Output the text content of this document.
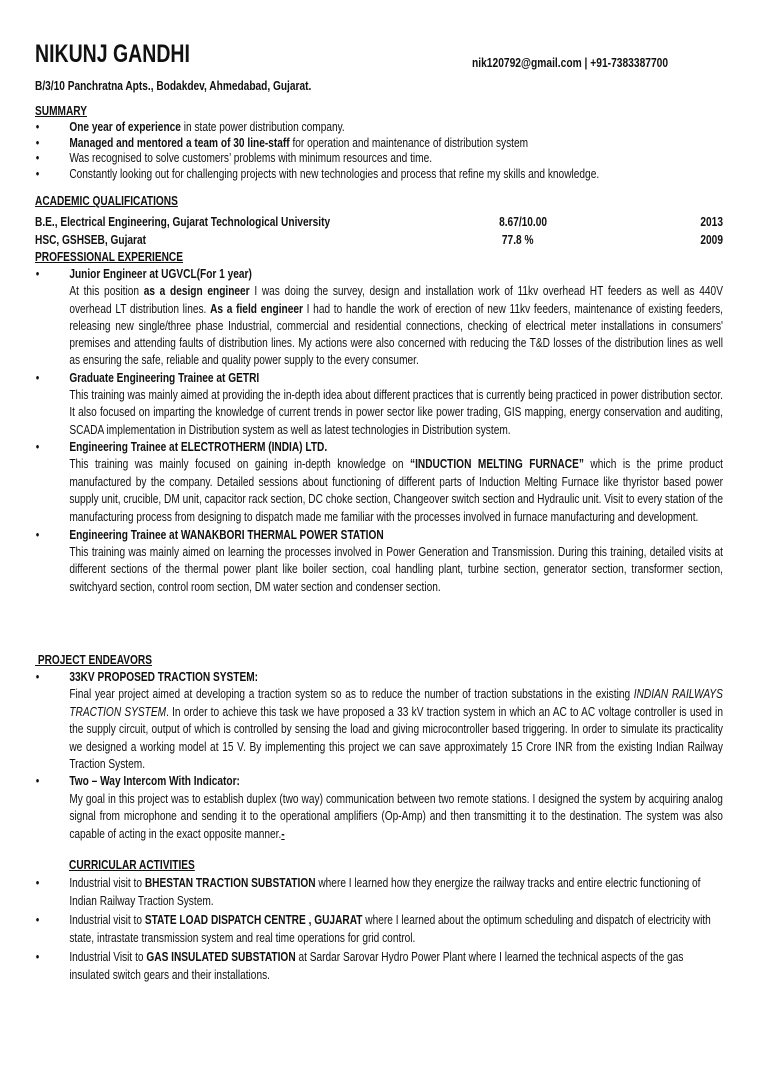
NIKUNJ GANDHI	nik120792@gmail.com | +91-7383387700
B/3/10 Panchratna Apts., Bodakdev, Ahmedabad, Gujarat.
SUMMARY
• One year of experience in state power distribution company.
• Managed and mentored a team of 30 line-staff for operation and maintenance of distribution system
• Was recognised to solve customers’ problems with minimum resources and time.
• Constantly looking out for challenging projects with new technologies and process that refine my skills and knowledge.
ACADEMIC QUALIFICATIONS
B.E., Electrical Engineering, Gujarat Technological University	8.67/10.00	2013
HSC, GSHSEB, Gujarat	77.8 %	2009
PROFESSIONAL EXPERIENCE
• Junior Engineer at UGVCL(For 1 year)
At this position as a design engineer I was doing the survey, design and installation work of 11kv overhead HT feeders as well as 440V overhead LT distribution lines. As a field engineer I had to handle the work of erection of new 11kv feeders, maintenance of existing feeders, releasing new single/three phase Industrial, commercial and residential connections, checking of electrical meter installations in consumers' premises and attending faults of distribution lines. My actions were also concerned with reducing the T&D losses of the distribution lines as well as ensuring the safe, reliable and quality power supply to the every consumer.
• Graduate Engineering Trainee at GETRI
This training was mainly aimed at providing the in-depth idea about different practices that is currently being practiced in power distribution sector. It also focused on imparting the knowledge of current trends in power sector like power trading, GIS mapping, energy conservation and auditing, SCADA implementation in Distribution system as well as latest technologies in Distribution system.
• Engineering Trainee at ELECTROTHERM (INDIA) LTD.
This training was mainly focused on gaining in-depth knowledge on “INDUCTION MELTING FURNACE” which is the prime product manufactured by the company. Detailed sessions about functioning of different parts of Induction Melting Furnace like thyristor based power supply unit, crucible, DM unit, capacitor rack section, DC choke section, Changeover switch section and Hydraulic unit. Visit to every station of the manufacturing process from designing to dispatch made me familiar with the processes involved in furnace manufacturing and development.
• Engineering Trainee at WANAKBORI THERMAL POWER STATION
This training was mainly aimed on learning the processes involved in Power Generation and Transmission. During this training, detailed visits at different sections of the thermal power plant like boiler section, coal handling plant, turbine section, generator section, transformer section, switchyard section, control room section, DM water section and condenser section.
PROJECT ENDEAVORS
• 33KV PROPOSED TRACTION SYSTEM:
Final year project aimed at developing a traction system so as to reduce the number of traction substations in the existing INDIAN RAILWAYS TRACTION SYSTEM. In order to achieve this task we have proposed a 33 kV traction system in which an AC to AC voltage controller is used in the supply circuit, output of which is controlled by sensing the load and giving microcontroller based triggering. In order to simulate its practicality we designed a working model at 15 V. By implementing this project we can save approximately 15 Crore INR from the existing Indian Railway Traction System.
• Two – Way Intercom With Indicator:
My goal in this project was to establish duplex (two way) communication between two remote stations. I designed the system by acquiring analog signal from microphone and sending it to the operational amplifiers (Op-Amp) and then transmitting it to the destination. The system was also capable of acting in the exact opposite manner.-
CURRICULAR ACTIVITIES
• Industrial visit to BHESTAN TRACTION SUBSTATION where I learned how they energize the railway tracks and entire electric functioning of Indian Railway Traction System.
• Industrial visit to STATE LOAD DISPATCH CENTRE , GUJARAT where I learned about the optimum scheduling and dispatch of electricity with state, intrastate transmission system and real time operations for grid control.
• Industrial Visit to GAS INSULATED SUBSTATION at Sardar Sarovar Hydro Power Plant where I learned the technical aspects of the gas insulated switch gears and their installations.
